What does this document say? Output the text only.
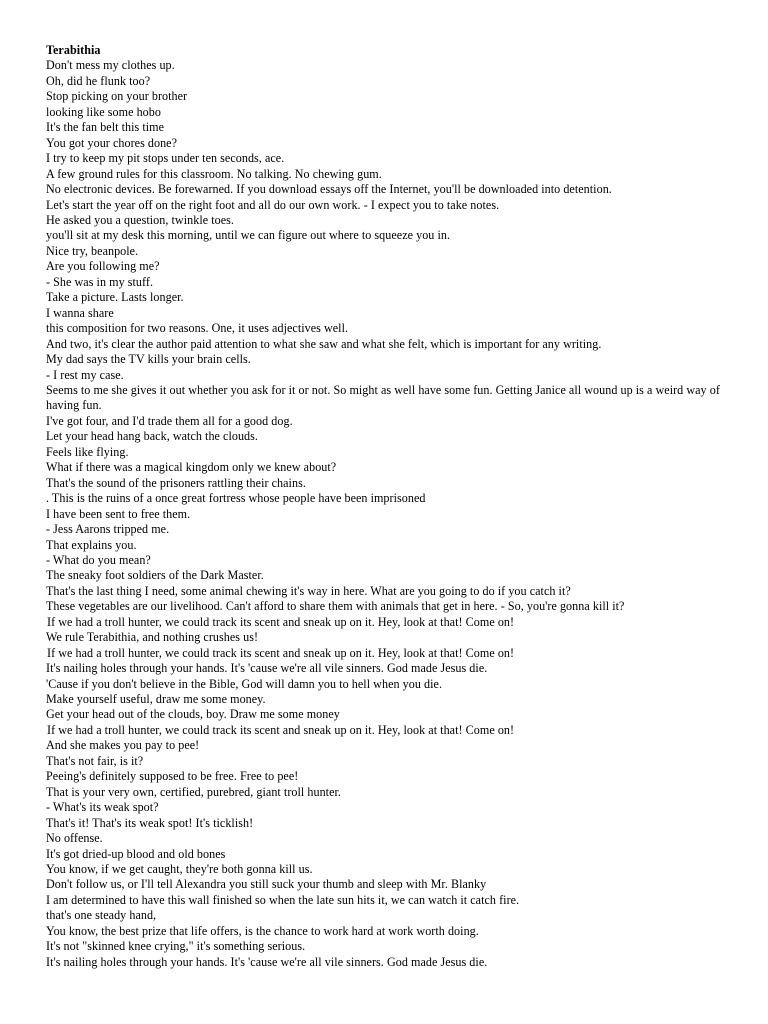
Terabithia
Don't mess my clothes up.
Oh, did he flunk too?
Stop picking on your brother
looking like some hobo
It's the fan belt this time
You got your chores done?
I try to keep my pit stops under ten seconds, ace.
A few ground rules for this classroom. No talking. No chewing gum.
No electronic devices. Be forewarned. If you download essays off the Internet, you'll be downloaded into detention.
Let's start the year off on the right foot and all do our own work. - I expect you to take notes.
He asked you a question, twinkle toes.
you'll sit at my desk this morning, until we can figure out where to squeeze you in.
Nice try, beanpole.
Are you following me?
- She was in my stuff.
Take a picture. Lasts longer.
I wanna share
this composition for two reasons. One, it uses adjectives well.
And two, it's clear the author paid attention to what she saw and what she felt, which is important for any writing.
My dad says the TV kills your brain cells.
- I rest my case.
Seems to me she gives it out whether you ask for it or not. So might as well have some fun. Getting Janice all wound up is a weird way of having fun.
I've got four, and I'd trade them all for a good dog.
Let your head hang back, watch the clouds.
Feels like flying.
What if there was a magical kingdom only we knew about?
That's the sound of the prisoners rattling their chains.
. This is the ruins of a once great fortress whose people have been imprisoned
I have been sent to free them.
- Jess Aarons tripped me.
That explains you.
- What do you mean?
The sneaky foot soldiers of the Dark Master.
That's the last thing I need, some animal chewing it's way in here. What are you going to do if you catch it?
These vegetables are our livelihood. Can't afford to share them with animals that get in here. - So, you're gonna kill it?
If we had a troll hunter, we could track its scent and sneak up on it. Hey, look at that! Come on!
We rule Terabithia, and nothing crushes us!
If we had a troll hunter, we could track its scent and sneak up on it. Hey, look at that! Come on!
It's nailing holes through your hands. It's 'cause we're all vile sinners. God made Jesus die.
'Cause if you don't believe in the Bible, God will damn you to hell when you die.
Make yourself useful, draw me some money.
Get your head out of the clouds, boy. Draw me some money
If we had a troll hunter, we could track its scent and sneak up on it. Hey, look at that! Come on!
And she makes you pay to pee!
That's not fair, is it?
Peeing's definitely supposed to be free. Free to pee!
That is your very own, certified, purebred, giant troll hunter.
- What's its weak spot?
That's it! That's its weak spot! It's ticklish!
No offense.
It's got dried-up blood and old bones
You know, if we get caught, they're both gonna kill us.
Don't follow us, or I'll tell Alexandra you still suck your thumb and sleep with Mr. Blanky
I am determined to have this wall finished so when the late sun hits it, we can watch it catch fire.
that's one steady hand,
You know, the best prize that life offers, is the chance to work hard at work worth doing.
It's not "skinned knee crying," it's something serious.
It's nailing holes through your hands. It's 'cause we're all vile sinners. God made Jesus die.
